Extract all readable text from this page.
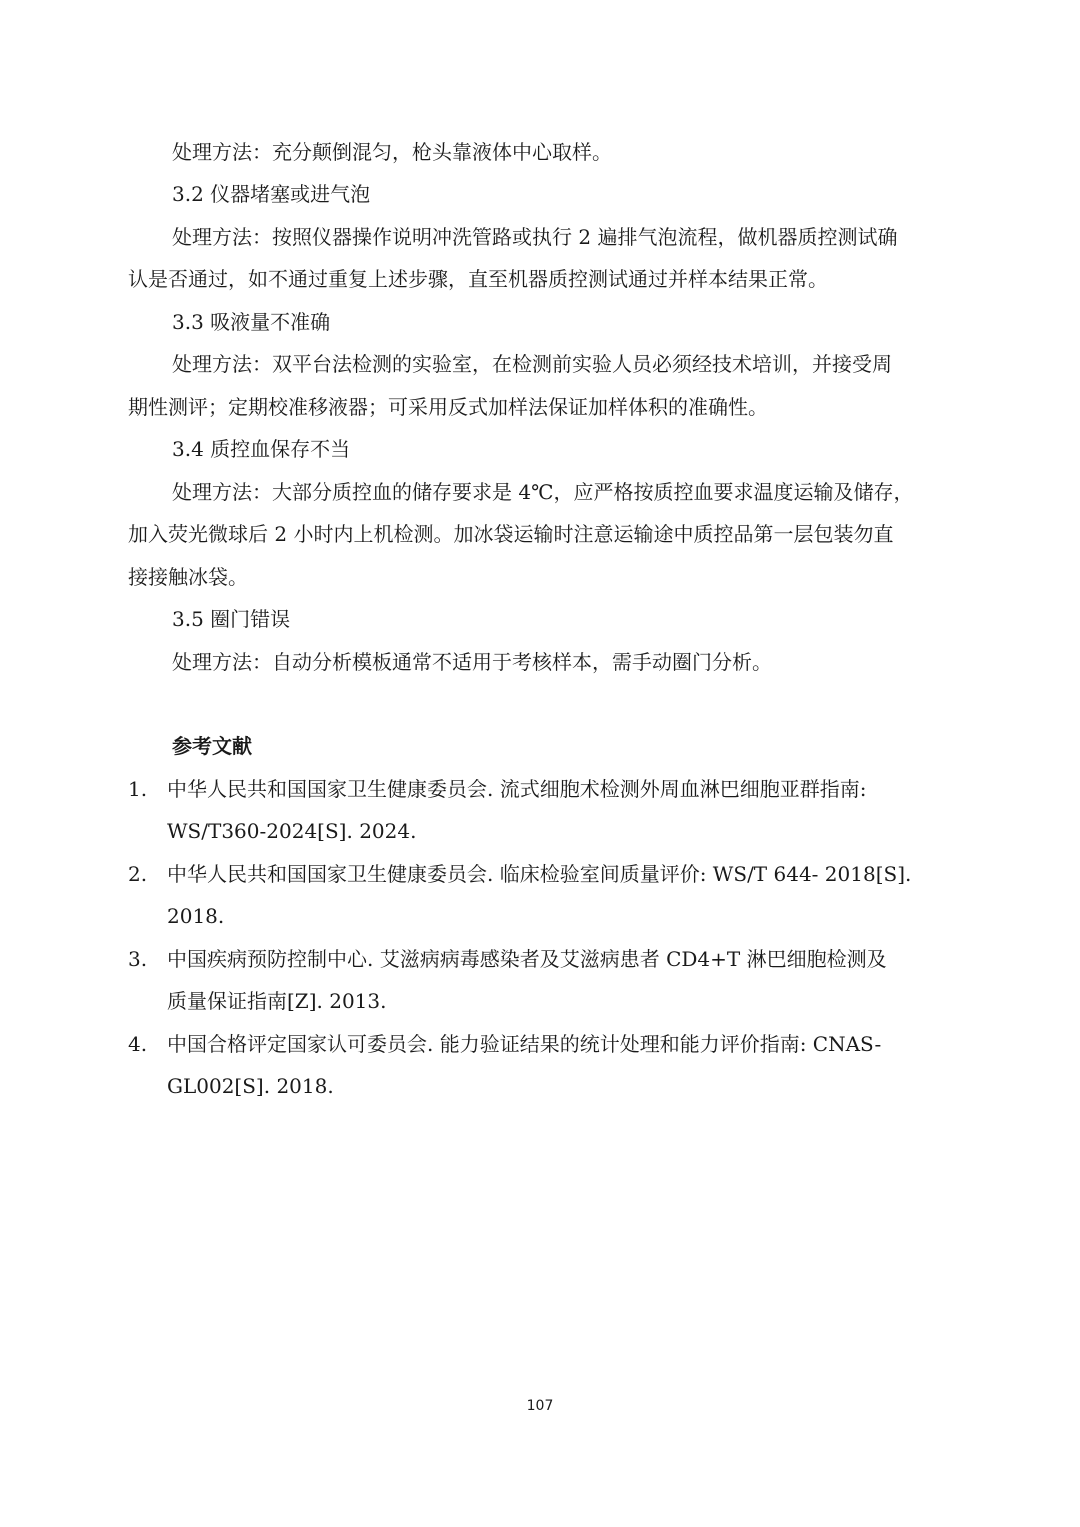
处理方法：充分颠倒混匀，枪头靠液体中心取样。
3.2 仪器堵塞或进气泡
处理方法：按照仪器操作说明冲洗管路或执行 2 遍排气泡流程，做机器质控测试确
认是否通过，如不通过重复上述步骤，直至机器质控测试通过并样本结果正常。
3.3 吸液量不准确
处理方法：双平台法检测的实验室，在检测前实验人员必须经技术培训，并接受周
期性测评；定期校准移液器；可采用反式加样法保证加样体积的准确性。
3.4 质控血保存不当
处理方法：大部分质控血的储存要求是 4℃，应严格按质控血要求温度运输及储存，
加入荧光微球后 2 小时内上机检测。加冰袋运输时注意运输途中质控品第一层包装勿直
接接触冰袋。
3.5 圈门错误
处理方法：自动分析模板通常不适用于考核样本，需手动圈门分析。
参考文献
1. 中华人民共和国国家卫生健康委员会. 流式细胞术检测外周血淋巴细胞亚群指南:
WS/T360-2024[S]. 2024.
2. 中华人民共和国国家卫生健康委员会. 临床检验室间质量评价: WS/T 644- 2018[S].
2018.
3. 中国疾病预防控制中心. 艾滋病病毒感染者及艾滋病患者 CD4+T 淋巴细胞检测及
质量保证指南[Z]. 2013.
4. 中国合格评定国家认可委员会. 能力验证结果的统计处理和能力评价指南: CNAS-
GL002[S]. 2018.
107
